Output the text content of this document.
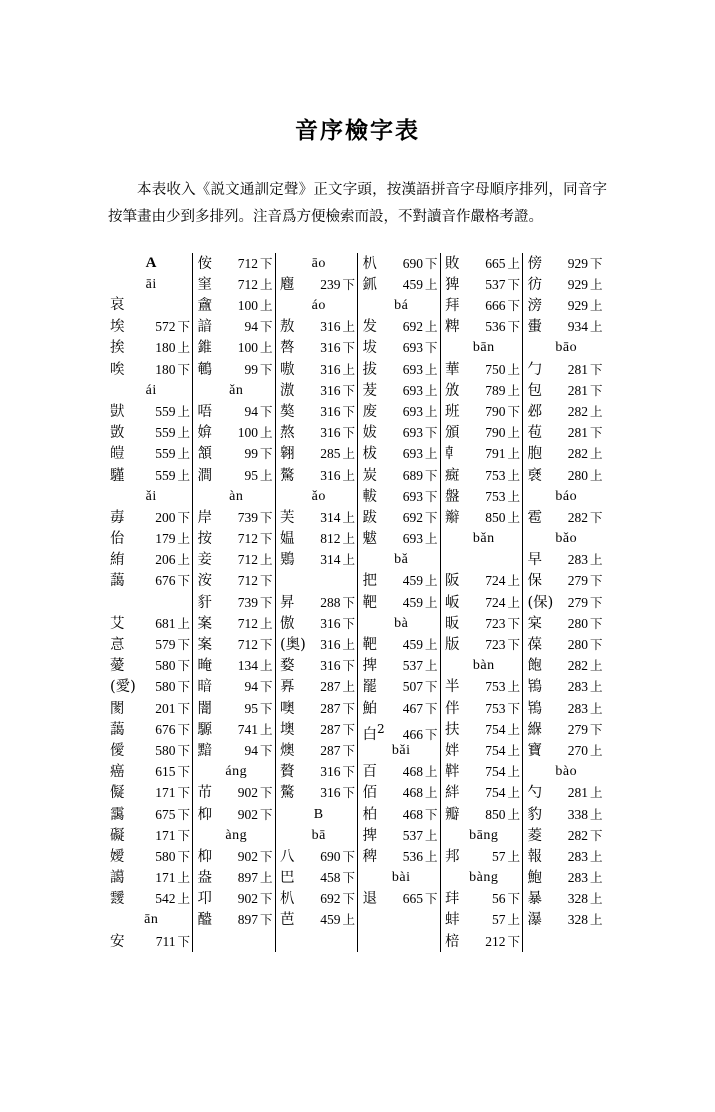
音序檢字表

本表收入《説文通訓定聲》正文字頭，按漢語拼音字母順序排列，同音字按筆畫由少到多排列。注音爲方便檢索而設，不對讀音作嚴格考證。

A
āi
哀
埃	572 下
挨	180 上
唉	180 下
ái
獃	559 上
敳	559 上
皚	559 上
騹	559 上
ǎi
毐	200 下
佁	179 上
絠	206 上
藹	676 下

艾	681 上
悥	579 下
薆	580 下
(愛)	580 下
閡	201 下
藹	676 下
僾	580 下
癌	615 下
儗	171 下
靄	675 下
礙	171 下
嬡	580 下
譪	171 上
靉	542 上
ān
安	711 下
侒	712 下
窐	712 上
盦	100 上
諳	94 下
錐	100 上
鵪	99 下
ǎn
唔	94 下
媕	100 上
頷	99 下
澗	95 上
àn
岸	739 下
按	712 下
妾	712 上
洝	712 下
豻	739 下
案	712 上
案	712 下
晻	134 上
暗	94 下
闇	95 下
騵	741 上
黯	94 下
áng
芇	902 下
枊	902 下
àng
枊	902 下
盎	897 上
卭	902 下
醠	897 下
āo
麅	239 下
áo
敖	316 上
嗸	316 下
嗷	316 上
滶	316 下
獒	316 下
熬	316 下
翱	285 上
驁	316 上
ǎo
芙	314 上
媪	812 上
鶪	314 上

昇	288 下
傲	316 下
(奥)	316 上
婺	316 下
奡	287 上
噢	287 下
墺	287 下
燠	287 下
贅	316 下
驁	316 下
B
bā
八	690 下
巴	458 下
朳	692 下
芭	459 上
朳	690 下
釽	459 上
bá
发	692 上
坺	693 下
拔	693 上
茇	693 上
废	693 上
妭	693 下
柭	693 上
炭	689 下
軷	693 下
跋	692 下
魃	693 上
bǎ
把	459 上
靶	459 上
bà
靶	459 上
捭	537 上
罷	507 下
鮊	467 下
白$^2$	466 下
bǎi
百	468 上
佰	468 上
柏	468 下
捭	537 上
稗	536 上
bài
退	665 下
敗	665 上
猈	537 下
拜	666 下
粺	536 下
bān
華	750 上
攽	789 上
班	790 下
頒	790 上
龺	791 上
癍	753 上
盤	753 上
辮	850 上
bǎn

阪	724 上
岅	724 上
昄	723 下
版	723 下
bàn
半	753 上
伴	753 下
扶	754 上
姅	754 上
靽	754 上
絆	754 上
瓣	850 上
bāng
邦	57 上
bàng
玤	56 下
蚌	57 上
棓	212 下
傍	929 下
彷	929 上
滂	929 上
蟗	934 上
bāo
勹	281 下
包	281 下
邲	282 上
苞	281 下
胞	282 上
褎	280 上
báo
雹	282 下
bǎo
早	283 上
保	279 下
(保)	279 下
宲	280 下
葆	280 下
飽	282 上
鴇	283 上
鴇	283 上
緥	279 下
寶	270 上
bào
勺	281 上
豹	338 上
菱	282 下
報	283 上
鮑	283 上
暴	328 上
瀑	328 上
